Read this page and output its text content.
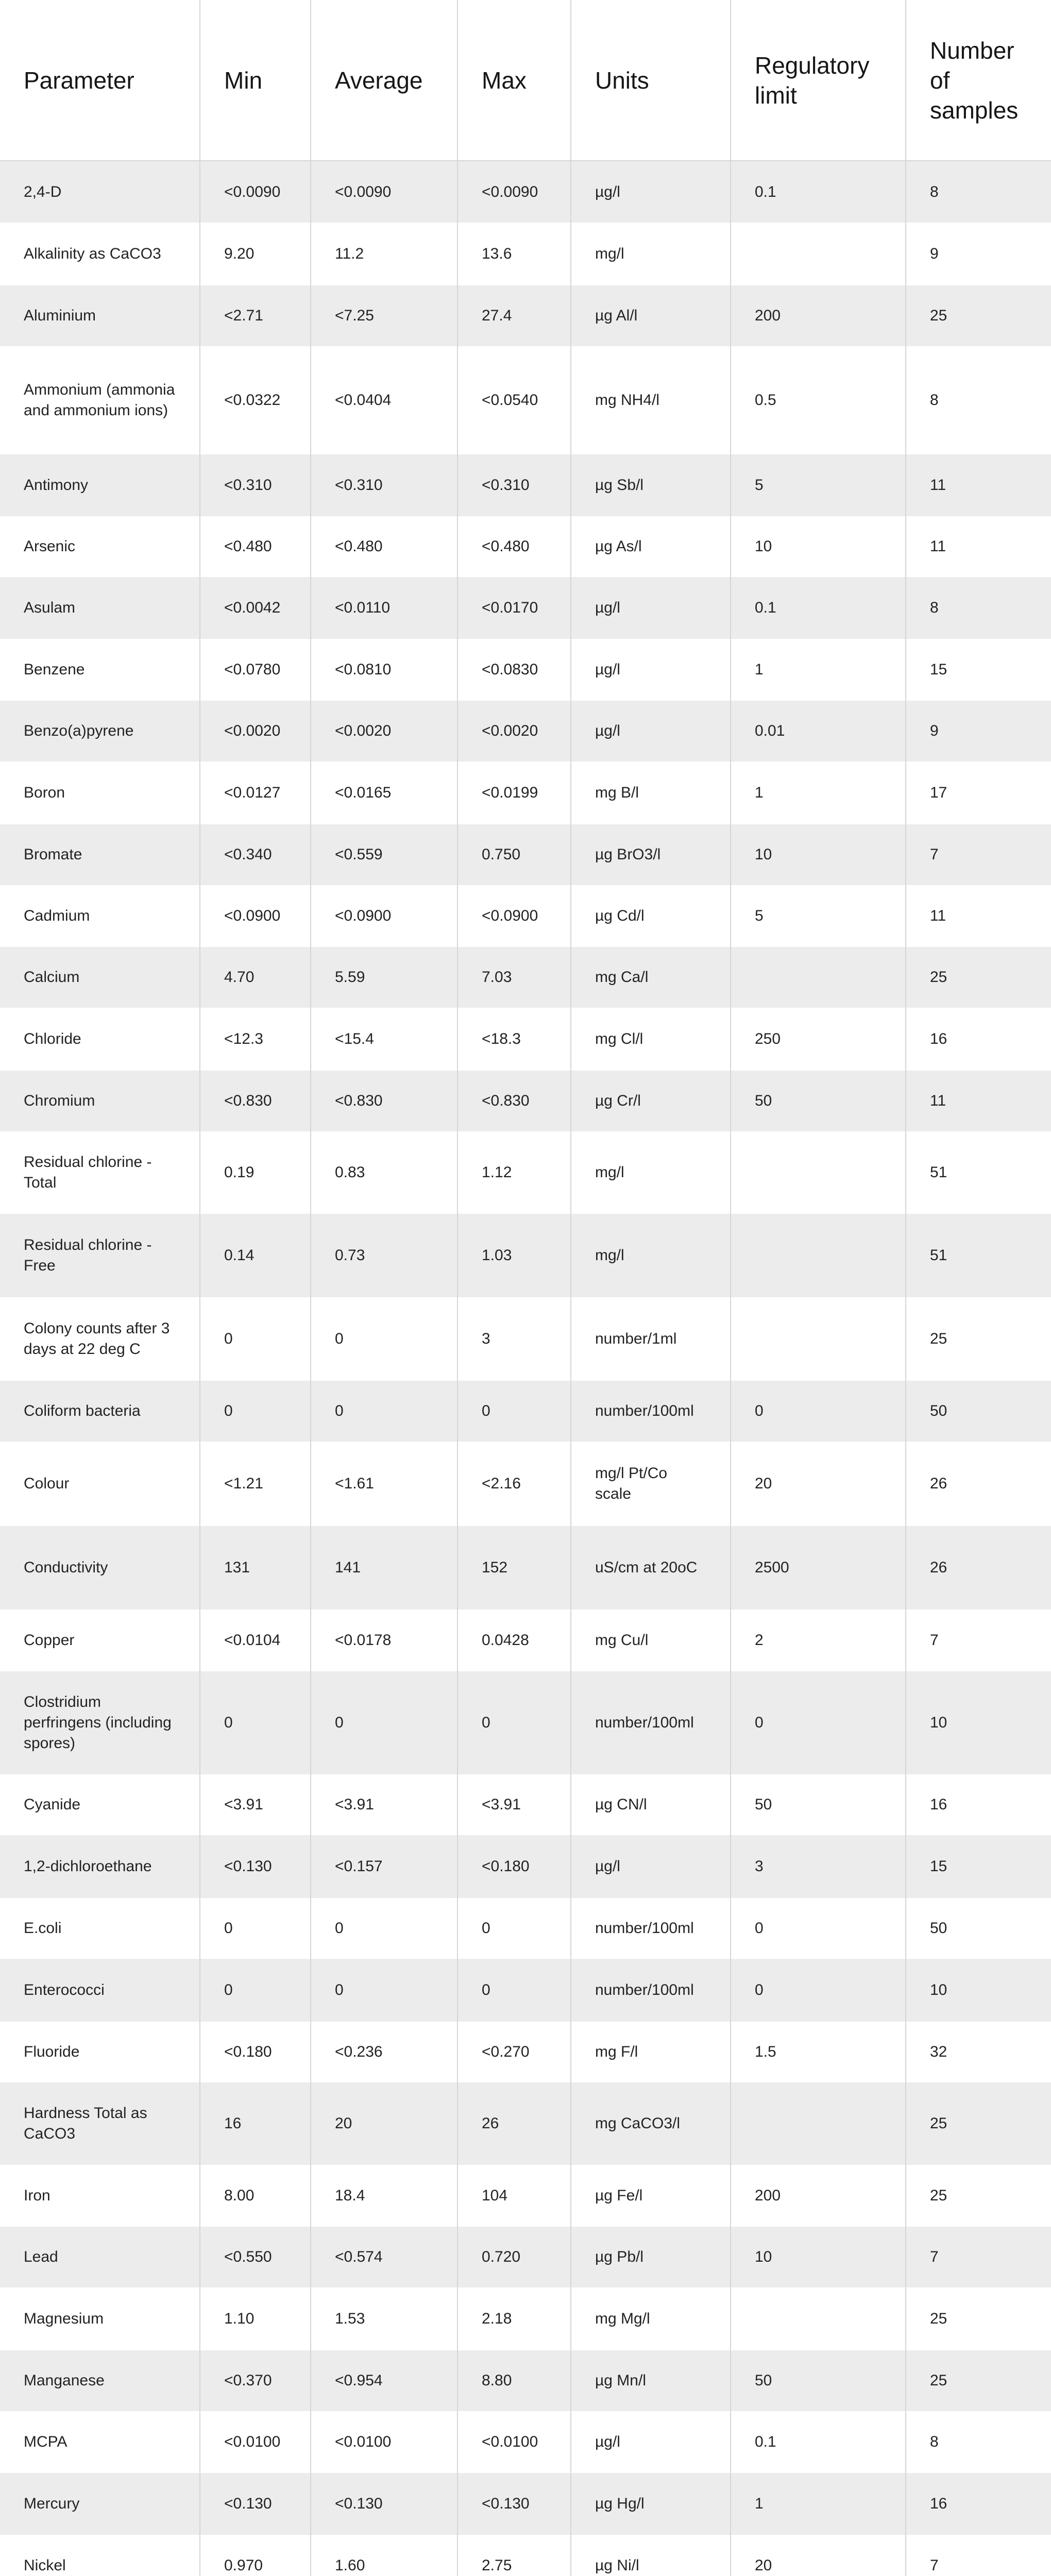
Parameter	Min	Average	Max	Units	Regulatory limit	Number of samples
2,4-D	<0.0090	<0.0090	<0.0090	µg/l	0.1	8
Alkalinity as CaCO3	9.20	11.2	13.6	mg/l		9
Aluminium	<2.71	<7.25	27.4	µg Al/l	200	25
Ammonium (ammonia and ammonium ions)	<0.0322	<0.0404	<0.0540	mg NH4/l	0.5	8
Antimony	<0.310	<0.310	<0.310	µg Sb/l	5	11
Arsenic	<0.480	<0.480	<0.480	µg As/l	10	11
Asulam	<0.0042	<0.0110	<0.0170	µg/l	0.1	8
Benzene	<0.0780	<0.0810	<0.0830	µg/l	1	15
Benzo(a)pyrene	<0.0020	<0.0020	<0.0020	µg/l	0.01	9
Boron	<0.0127	<0.0165	<0.0199	mg B/l	1	17
Bromate	<0.340	<0.559	0.750	µg BrO3/l	10	7
Cadmium	<0.0900	<0.0900	<0.0900	µg Cd/l	5	11
Calcium	4.70	5.59	7.03	mg Ca/l		25
Chloride	<12.3	<15.4	<18.3	mg Cl/l	250	16
Chromium	<0.830	<0.830	<0.830	µg Cr/l	50	11
Residual chlorine - Total	0.19	0.83	1.12	mg/l		51
Residual chlorine - Free	0.14	0.73	1.03	mg/l		51
Colony counts after 3 days at 22 deg C	0	0	3	number/1ml		25
Coliform bacteria	0	0	0	number/100ml	0	50
Colour	<1.21	<1.61	<2.16	mg/l Pt/Co scale	20	26
Conductivity	131	141	152	uS/cm at 20oC	2500	26
Copper	<0.0104	<0.0178	0.0428	mg Cu/l	2	7
Clostridium perfringens (including spores)	0	0	0	number/100ml	0	10
Cyanide	<3.91	<3.91	<3.91	µg CN/l	50	16
1,2-dichloroethane	<0.130	<0.157	<0.180	µg/l	3	15
E.coli	0	0	0	number/100ml	0	50
Enterococci	0	0	0	number/100ml	0	10
Fluoride	<0.180	<0.236	<0.270	mg F/l	1.5	32
Hardness Total as CaCO3	16	20	26	mg CaCO3/l		25
Iron	8.00	18.4	104	µg Fe/l	200	25
Lead	<0.550	<0.574	0.720	µg Pb/l	10	7
Magnesium	1.10	1.53	2.18	mg Mg/l		25
Manganese	<0.370	<0.954	8.80	µg Mn/l	50	25
MCPA	<0.0100	<0.0100	<0.0100	µg/l	0.1	8
Mercury	<0.130	<0.130	<0.130	µg Hg/l	1	16
Nickel	0.970	1.60	2.75	µg Ni/l	20	7
